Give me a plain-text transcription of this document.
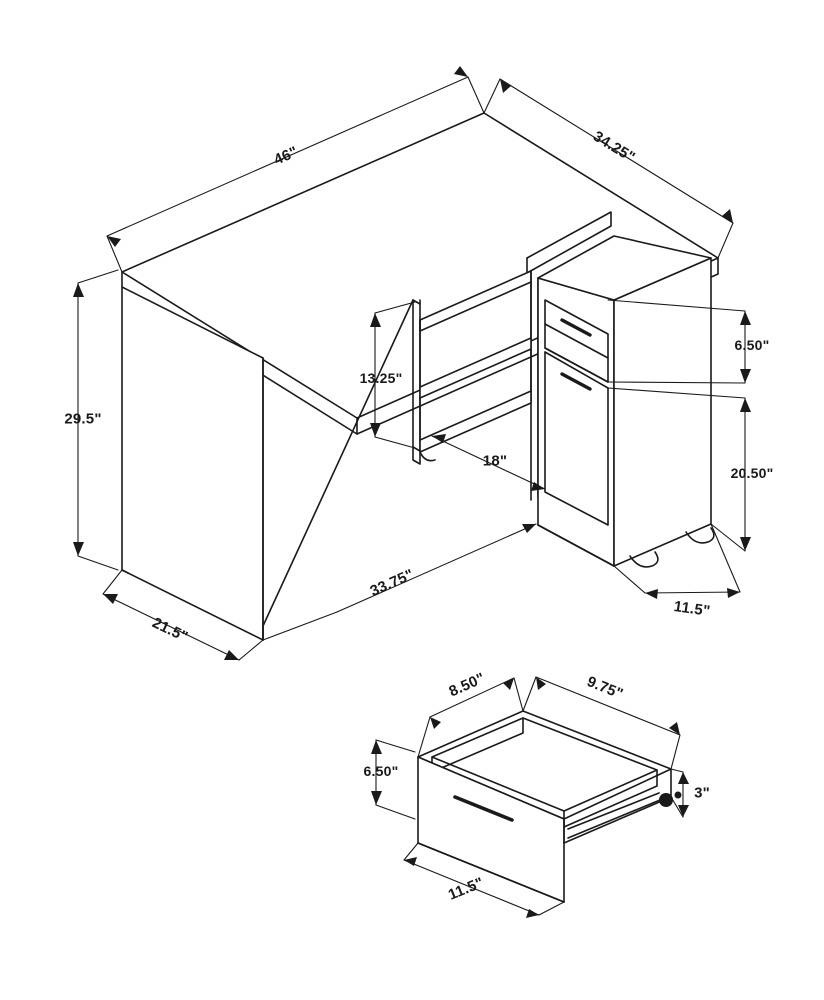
46"	34.25"
29.5"
21.5"
33.75"
13.25"
18"
11.5"
6.50"
20.50"
8.50"	9.75"
6.50"
3"
11.5"
